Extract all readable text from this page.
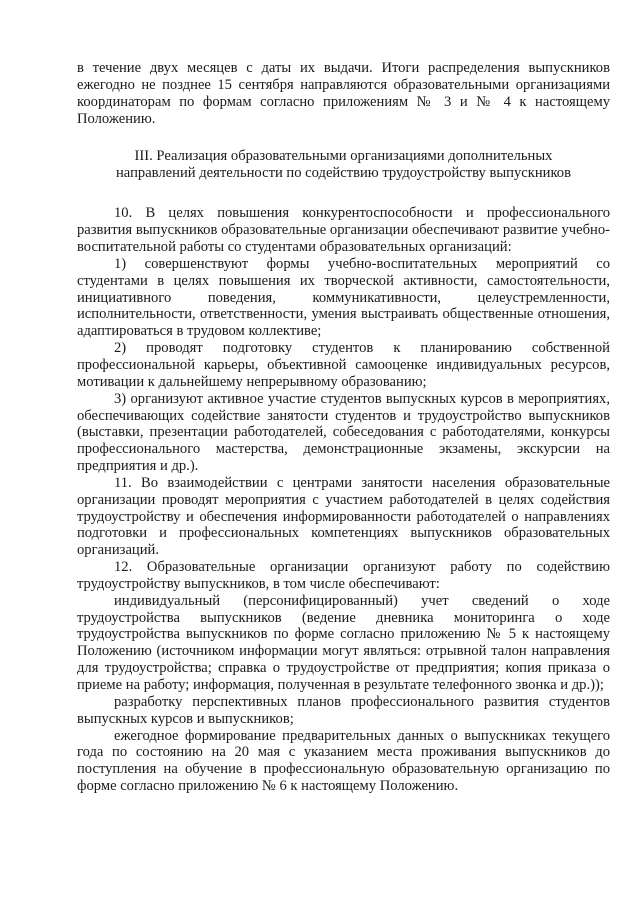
в течение двух месяцев с даты их выдачи. Итоги распределения выпускников ежегодно не позднее 15 сентября направляются образовательными организациями координаторам по формам согласно приложениям № 3 и № 4 к настоящему Положению.

III. Реализация образовательными организациями дополнительных
направлений деятельности по содействию трудоустройству выпускников

10. В целях повышения конкурентоспособности и профессионального развития выпускников образовательные организации обеспечивают развитие учебно-воспитательной работы со студентами образовательных организаций:

1) совершенствуют формы учебно-воспитательных мероприятий со студентами в целях повышения их творческой активности, самостоятельности, инициативного поведения, коммуникативности, целеустремленности, исполнительности, ответственности, умения выстраивать общественные отношения, адаптироваться в трудовом коллективе;

2) проводят подготовку студентов к планированию собственной профессиональной карьеры, объективной самооценке индивидуальных ресурсов, мотивации к дальнейшему непрерывному образованию;

3) организуют активное участие студентов выпускных курсов в мероприятиях, обеспечивающих содействие занятости студентов и трудоустройство выпускников (выставки, презентации работодателей, собеседования с работодателями, конкурсы профессионального мастерства, демонстрационные экзамены, экскурсии на предприятия и др.).

11. Во взаимодействии с центрами занятости населения образовательные организации проводят мероприятия с участием работодателей в целях содействия трудоустройству и обеспечения информированности работодателей о направлениях подготовки и профессиональных компетенциях выпускников образовательных организаций.

12. Образовательные организации организуют работу по содействию трудоустройству выпускников, в том числе обеспечивают:

индивидуальный (персонифицированный) учет сведений о ходе трудоустройства выпускников (ведение дневника мониторинга о ходе трудоустройства выпускников по форме согласно приложению № 5 к настоящему Положению (источником информации могут являться: отрывной талон направления для трудоустройства; справка о трудоустройстве от предприятия; копия приказа о приеме на работу; информация, полученная в результате телефонного звонка и др.));

разработку перспективных планов профессионального развития студентов выпускных курсов и выпускников;

ежегодное формирование предварительных данных о выпускниках текущего года по состоянию на 20 мая с указанием места проживания выпускников до поступления на обучение в профессиональную образовательную организацию по форме согласно приложению № 6 к настоящему Положению.
